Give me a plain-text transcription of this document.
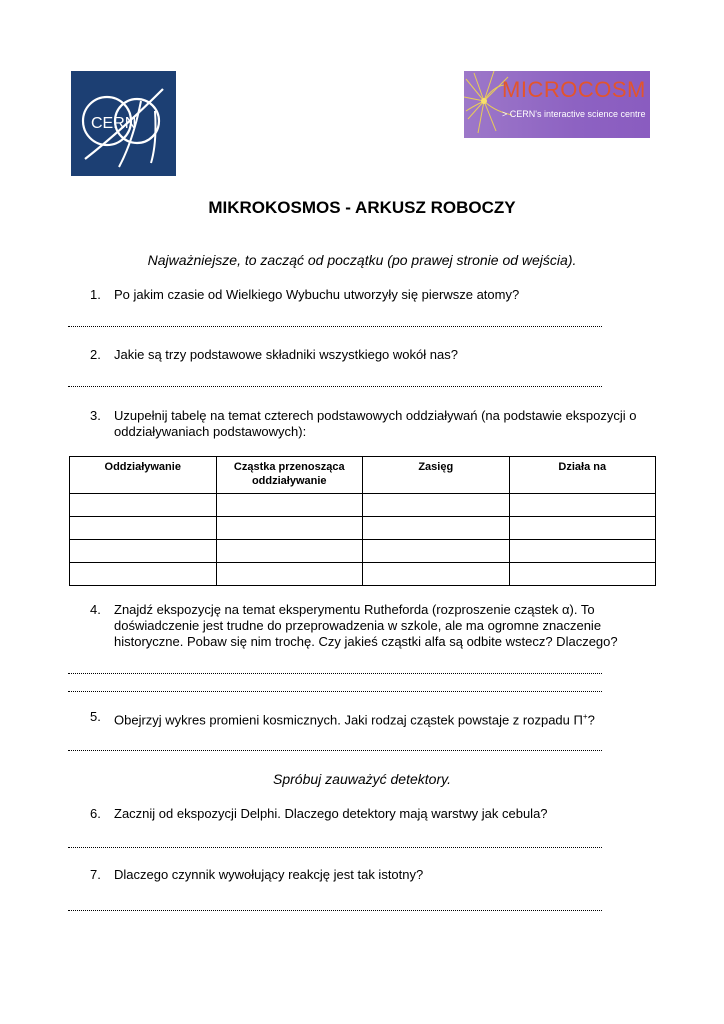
CERN
MICROCOSM
> CERN's interactive science centre
MIKROKOSMOS - ARKUSZ ROBOCZY
Najważniejsze, to zacząć od początku (po prawej stronie od wejścia).
1.	Po jakim czasie od Wielkiego Wybuchu utworzyły się pierwsze atomy?
2.	Jakie są trzy podstawowe składniki wszystkiego wokół nas?
3.	Uzupełnij tabelę na temat czterech podstawowych oddziaływań (na podstawie ekspozycji o oddziaływaniach podstawowych):
Oddziaływanie	Cząstka przenosząca oddziaływanie	Zasięg	Działa na

4.	Znajdź ekspozycję na temat eksperymentu Rutheforda (rozproszenie cząstek α). To doświadczenie jest trudne do przeprowadzenia w szkole, ale ma ogromne znaczenie historyczne. Pobaw się nim trochę. Czy jakieś cząstki alfa są odbite wstecz? Dlaczego?
5.	Obejrzyj wykres promieni kosmicznych. Jaki rodzaj cząstek powstaje z rozpadu Π+?
Spróbuj zauważyć detektory.
6.	Zacznij od ekspozycji Delphi. Dlaczego detektory mają warstwy jak cebula?
7.	Dlaczego czynnik wywołujący reakcję jest tak istotny?
